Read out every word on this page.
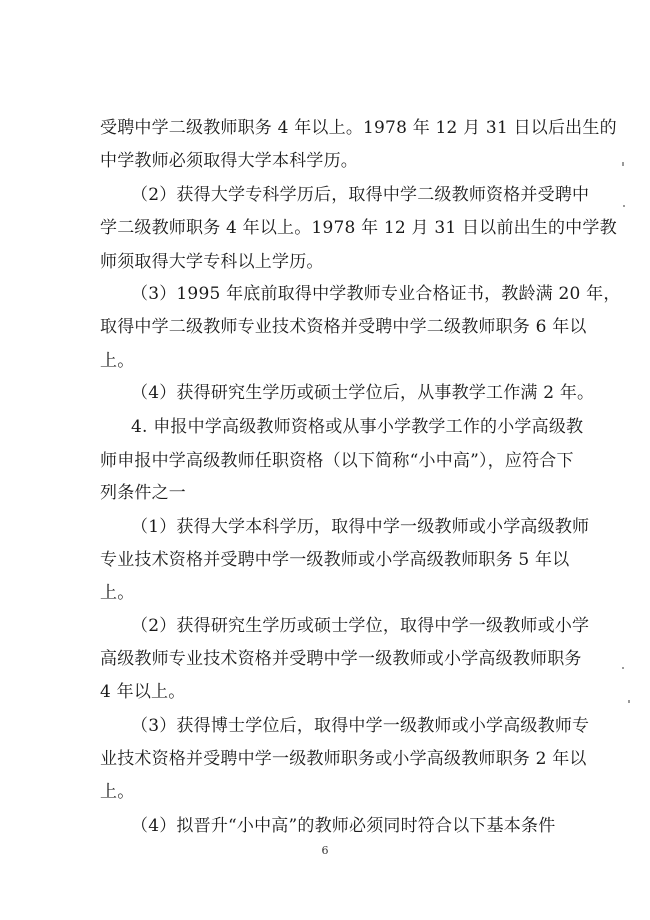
受聘中学二级教师职务 4 年以上。1978 年 12 月 31 日以后出生的
中学教师必须取得大学本科学历。
（2）获得大学专科学历后，取得中学二级教师资格并受聘中
学二级教师职务 4 年以上。1978 年 12 月 31 日以前出生的中学教
师须取得大学专科以上学历。
（3）1995 年底前取得中学教师专业合格证书，教龄满 20 年，
取得中学二级教师专业技术资格并受聘中学二级教师职务 6 年以
上。
（4）获得研究生学历或硕士学位后，从事教学工作满 2 年。
4. 申报中学高级教师资格或从事小学教学工作的小学高级教
师申报中学高级教师任职资格（以下简称“小中高”），应符合下
列条件之一
（1）获得大学本科学历，取得中学一级教师或小学高级教师
专业技术资格并受聘中学一级教师或小学高级教师职务 5 年以
上。
（2）获得研究生学历或硕士学位，取得中学一级教师或小学
高级教师专业技术资格并受聘中学一级教师或小学高级教师职务
4 年以上。
（3）获得博士学位后，取得中学一级教师或小学高级教师专
业技术资格并受聘中学一级教师职务或小学高级教师职务 2 年以
上。
（4）拟晋升“小中高”的教师必须同时符合以下基本条件
6
